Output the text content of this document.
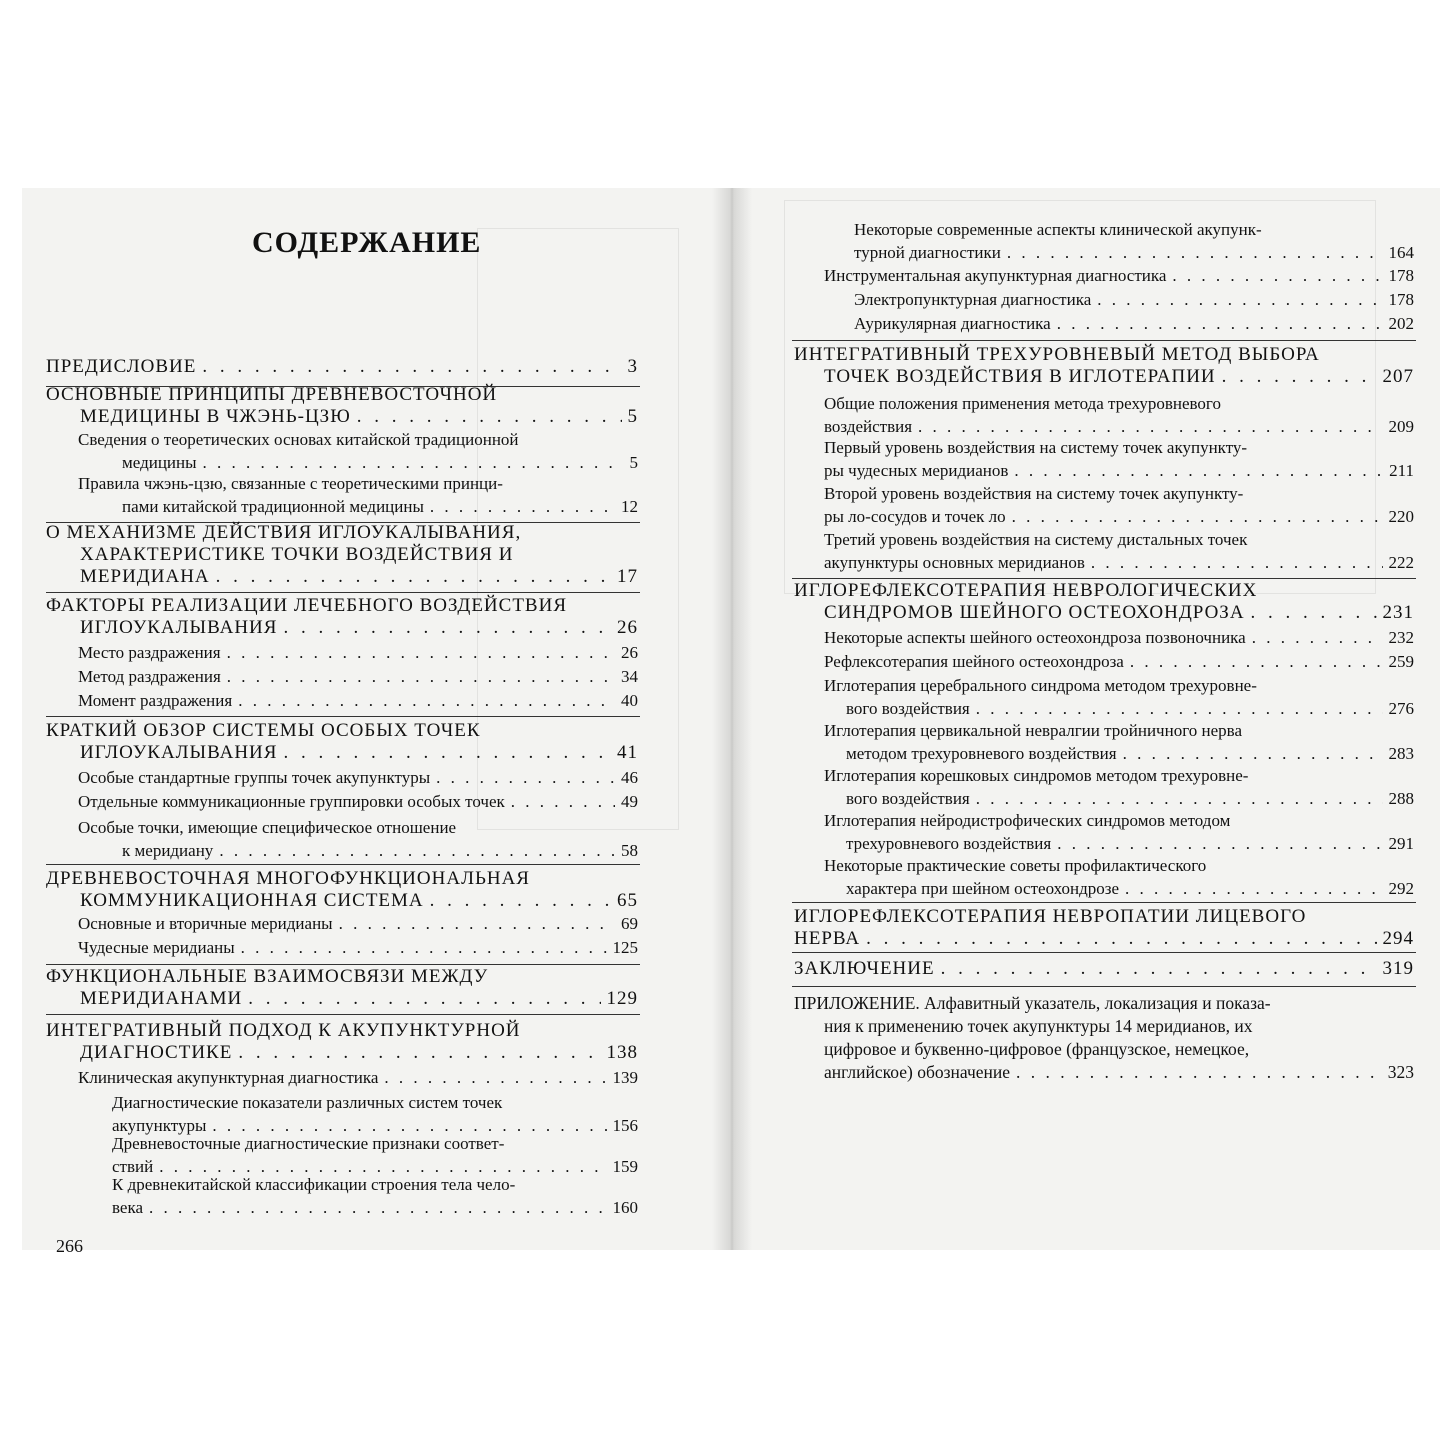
СОДЕРЖАНИЕ
ПРЕДИСЛОВИЕ . . .	3
ОСНОВНЫЕ ПРИНЦИПЫ ДРЕВНЕВОСТОЧНОЙ
МЕДИЦИНЫ В ЧЖЭНЬ-ЦЗЮ . . .	5
Сведения о теоретических основах китайской традиционной
медицины . . .	5
Правила чжэнь-цзю, связанные с теоретическими принци-
пами китайской традиционной медицины . . .	12
О МЕХАНИЗМЕ ДЕЙСТВИЯ ИГЛОУКАЛЫВАНИЯ,
ХАРАКТЕРИСТИКЕ ТОЧКИ ВОЗДЕЙСТВИЯ И
МЕРИДИАНА . . .	17
ФАКТОРЫ РЕАЛИЗАЦИИ ЛЕЧЕБНОГО ВОЗДЕЙСТВИЯ
ИГЛОУКАЛЫВАНИЯ . . .	26
Место раздражения . . .	26
Метод раздражения . . .	34
Момент раздражения . . .	40
КРАТКИЙ ОБЗОР СИСТЕМЫ ОСОБЫХ ТОЧЕК
ИГЛОУКАЛЫВАНИЯ . . .	41
Особые стандартные группы точек акупунктуры . . .	46
Отдельные коммуникационные группировки особых точек . . .	49
Особые точки, имеющие специфическое отношение
к меридиану . . .	58
ДРЕВНЕВОСТОЧНАЯ МНОГОФУНКЦИОНАЛЬНАЯ
КОММУНИКАЦИОННАЯ СИСТЕМА . . .	65
Основные и вторичные меридианы . . .	69
Чудесные меридианы . . .	125
ФУНКЦИОНАЛЬНЫЕ ВЗАИМОСВЯЗИ МЕЖДУ
МЕРИДИАНАМИ . . .	129
ИНТЕГРАТИВНЫЙ ПОДХОД К АКУПУНКТУРНОЙ
ДИАГНОСТИКЕ . . .	138
Клиническая акупунктурная диагностика . . .	139
Диагностические показатели различных систем точек
акупунктуры . . .	156
Древневосточные диагностические признаки соответ-
ствий . . .	159
К древнекитайской классификации строения тела чело-
века . . .	160
266
Некоторые современные аспекты клинической акупунк-
турной диагностики . . .	164
Инструментальная акупунктурная диагностика . . .	178
Электропунктурная диагностика . . .	178
Аурикулярная диагностика . . .	202
ИНТЕГРАТИВНЫЙ ТРЕХУРОВНЕВЫЙ МЕТОД ВЫБОРА
ТОЧЕК ВОЗДЕЙСТВИЯ В ИГЛОТЕРАПИИ . . .	207
Общие положения применения метода трехуровневого
воздействия . . .	209
Первый уровень воздействия на систему точек акупункту-
ры чудесных меридианов . . .	211
Второй уровень воздействия на систему точек акупункту-
ры ло-сосудов и точек ло . . .	220
Третий уровень воздействия на систему дистальных точек
акупунктуры основных меридианов . . .	222
ИГЛОРЕФЛЕКСОТЕРАПИЯ НЕВРОЛОГИЧЕСКИХ
СИНДРОМОВ ШЕЙНОГО ОСТЕОХОНДРОЗА . . .	231
Некоторые аспекты шейного остеохондроза позвоночника . . .	232
Рефлексотерапия шейного остеохондроза . . .	259
Иглотерапия церебрального синдрома методом трехуровне-
вого воздействия . . .	276
Иглотерапия цервикальной невралгии тройничного нерва
методом трехуровневого воздействия . . .	283
Иглотерапия корешковых синдромов методом трехуровне-
вого воздействия . . .	288
Иглотерапия нейродистрофических синдромов методом
трехуровневого воздействия . . .	291
Некоторые практические советы профилактического
характера при шейном остеохондрозе . . .	292
ИГЛОРЕФЛЕКСОТЕРАПИЯ НЕВРОПАТИИ ЛИЦЕВОГО
НЕРВА . . .	294
ЗАКЛЮЧЕНИЕ . . .	319
ПРИЛОЖЕНИЕ. Алфавитный указатель, локализация и показа-
ния к применению точек акупунктуры 14 меридианов, их
цифровое и буквенно-цифровое (французское, немецкое,
английское) обозначение . . .	323
